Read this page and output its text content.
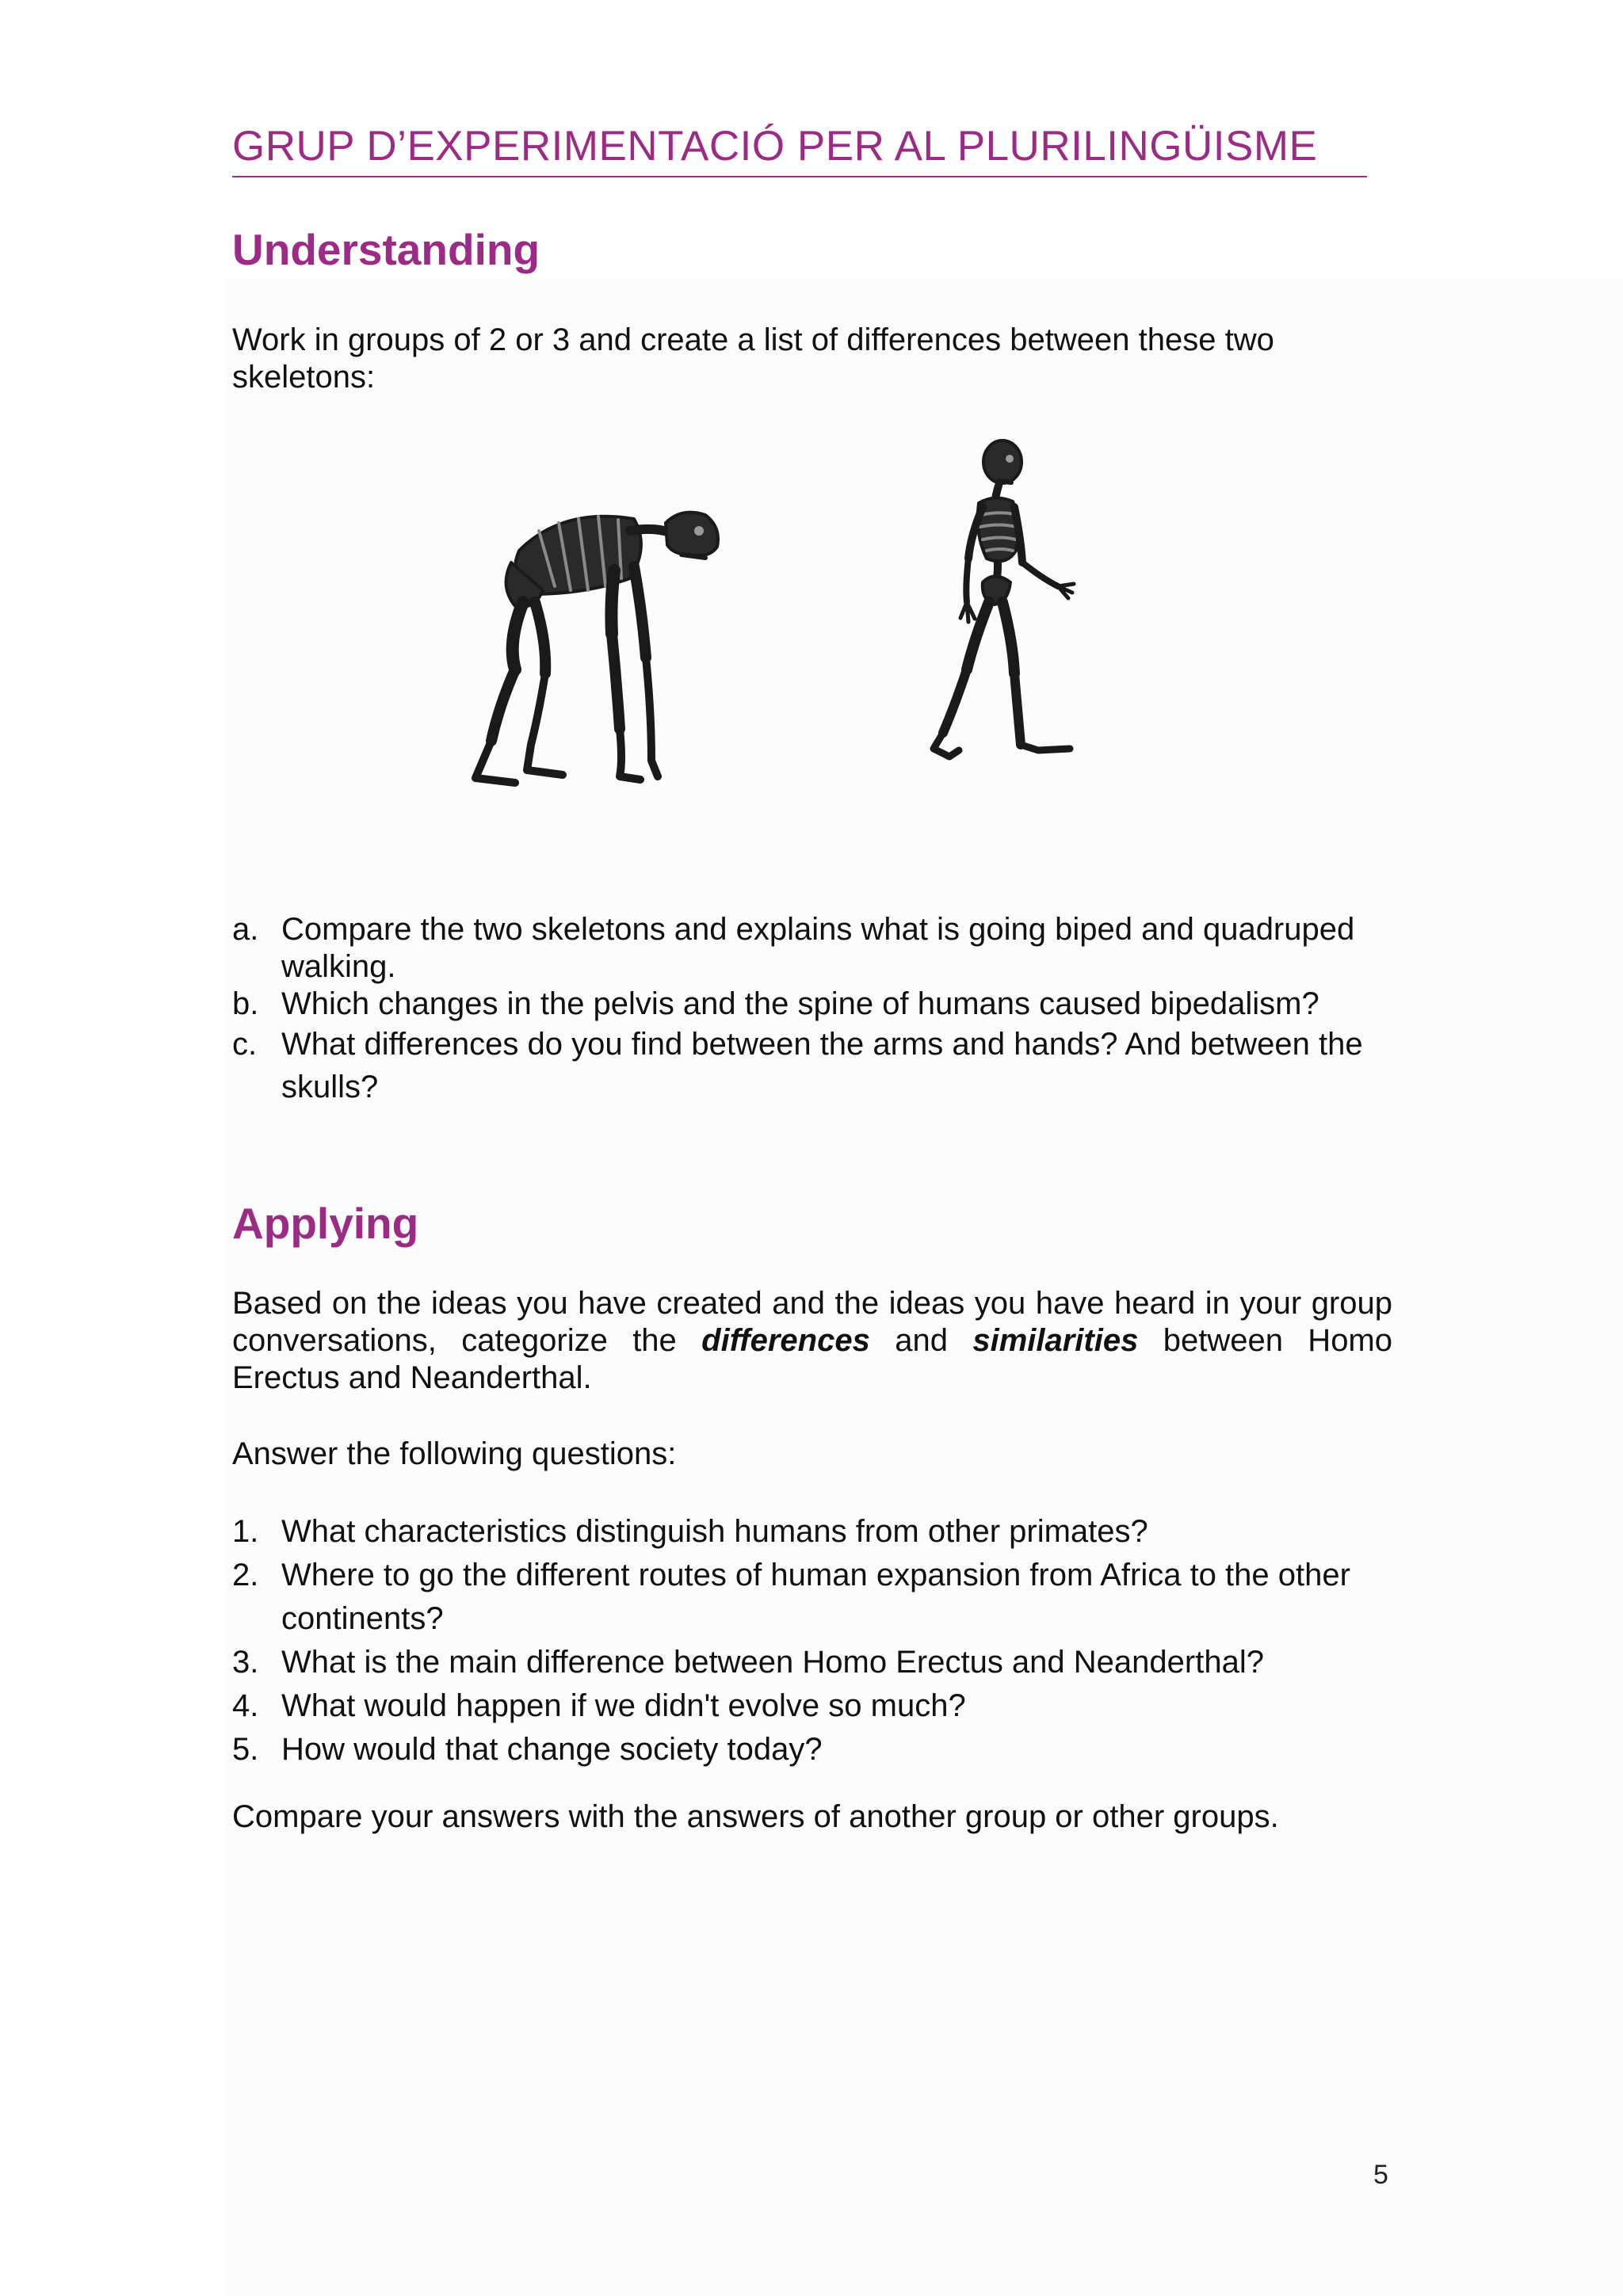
GRUP D’EXPERIMENTACIÓ PER AL PLURILINGÜISME
Understanding

Work in groups of 2 or 3 and create a list of differences between these two skeletons:

a. Compare the two skeletons and explains what is going biped and quadruped walking.
b. Which changes in the pelvis and the spine of humans caused bipedalism?
c. What differences do you find between the arms and hands? And between the skulls?
Applying

Based on the ideas you have created and the ideas you have heard in your group conversations, categorize the differences and similarities between Homo Erectus and Neanderthal.

Answer the following questions:

1. What characteristics distinguish humans from other primates?
2. Where to go the different routes of human expansion from Africa to the other continents?
3. What is the main difference between Homo Erectus and Neanderthal?
4. What would happen if we didn't evolve so much?
5. How would that change society today?

Compare your answers with the answers of another group or other groups.

5
